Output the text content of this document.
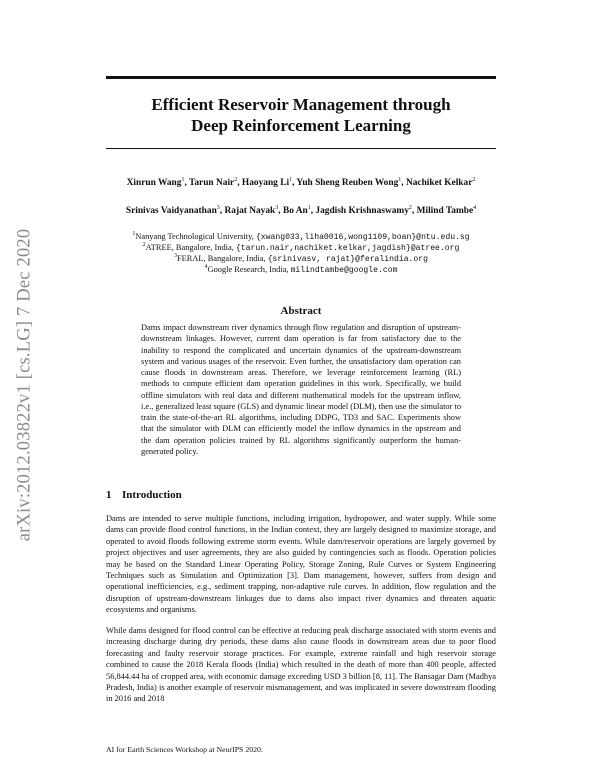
arXiv:2012.03822v1 [cs.LG] 7 Dec 2020
Efficient Reservoir Management through
Deep Reinforcement Learning
Xinrun Wang$^1$, Tarun Nair$^2$, Haoyang Li$^1$, Yuh Sheng Reuben Wong$^1$, Nachiket Kelkar$^2$
Srinivas Vaidyanathan$^3$, Rajat Nayak$^3$, Bo An$^1$, Jagdish Krishnaswamy$^2$, Milind Tambe$^4$
$^1$Nanyang Technological University, {xwang033,liha0016,wong1109,boan}@ntu.edu.sg
$^2$ATREE, Bangalore, India, {tarun.nair,nachiket.kelkar,jagdish}@atree.org
$^3$FERAL, Bangalore, India, {srinivasv, rajat}@feralindia.org
$^4$Google Research, India, milindtambe@google.com
Abstract
Dams impact downstream river dynamics through flow regulation and disruption of upstream-downstream linkages. However, current dam operation is far from satisfactory due to the inability to respond the complicated and uncertain dynamics of the upstream-downstream system and various usages of the reservoir. Even further, the unsatisfactory dam operation can cause floods in downstream areas. Therefore, we leverage reinforcement learning (RL) methods to compute efficient dam operation guidelines in this work. Specifically, we build offline simulators with real data and different mathematical models for the upstream inflow, i.e., generalized least square (GLS) and dynamic linear model (DLM), then use the simulator to train the state-of-the-art RL algorithms, including DDPG, TD3 and SAC. Experiments show that the simulator with DLM can efficiently model the inflow dynamics in the upstream and the dam operation policies trained by RL algorithms significantly outperform the human-generated policy.
1 Introduction
Dams are intended to serve multiple functions, including irrigation, hydropower, and water supply. While some dams can provide flood control functions, in the Indian context, they are largely designed to maximize storage, and operated to avoid floods following extreme storm events. While dam/reservoir operations are largely governed by project objectives and user agreements, they are also guided by contingencies such as floods. Operation policies may be based on the Standard Linear Operating Policy, Storage Zoning, Rule Curves or System Engineering Techniques such as Simulation and Optimization [3]. Dam management, however, suffers from design and operational inefficiencies, e.g., sediment trapping, non-adaptive rule curves. In addition, flow regulation and the disruption of upstream-downstream linkages due to dams also impact river dynamics and threaten aquatic ecosystems and organisms.
While dams designed for flood control can be effective at reducing peak discharge associated with storm events and increasing discharge during dry periods, these dams also cause floods in downstream areas due to poor flood forecasting and faulty reservoir storage practices. For example, extreme rainfall and high reservoir storage combined to cause the 2018 Kerala floods (India) which resulted in the death of more than 400 people, affected 56,844.44 ha of cropped area, with economic damage exceeding USD 3 billion [8, 11]. The Bansagar Dam (Madhya Pradesh, India) is another example of reservoir mismanagement, and was implicated in severe downstream flooding in 2016 and 2018
AI for Earth Sciences Workshop at NeurIPS 2020.
